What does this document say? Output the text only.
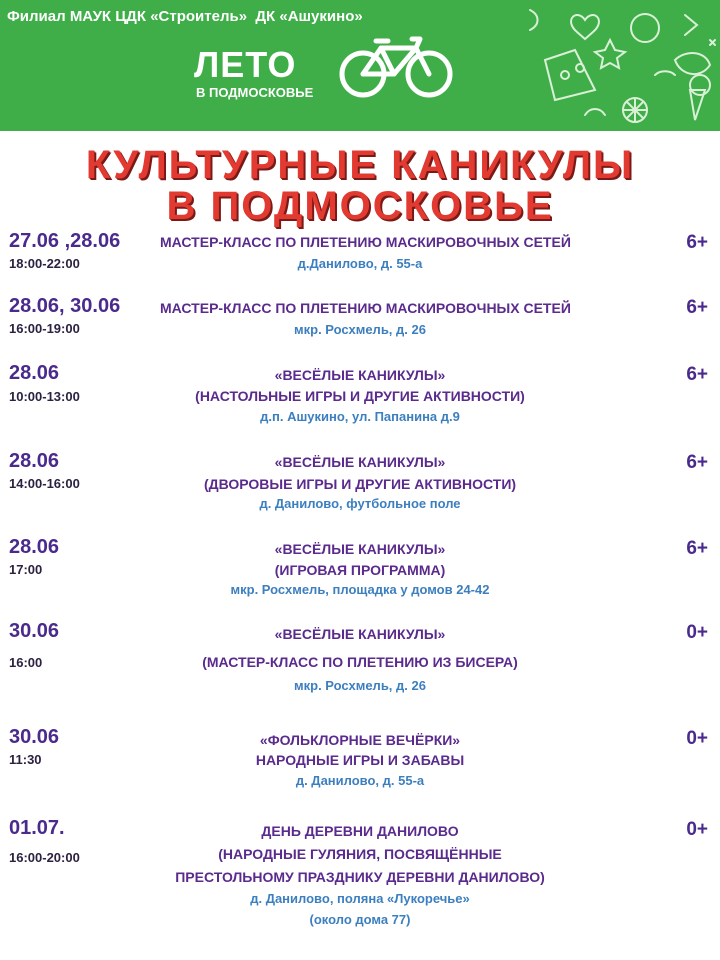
Филиал МАУК ЦДК «Строитель»  ДК «Ашукино»
ЛЕТО
В ПОДМОСКОВЬЕ
КУЛЬТУРНЫЕ КАНИКУЛЫ
В ПОДМОСКОВЬЕ
27.06 ,28.06
18:00-22:00
6+
МАСТЕР-КЛАСС ПО ПЛЕТЕНИЮ МАСКИРОВОЧНЫХ СЕТЕЙ
д.Данилово, д. 55-а
28.06, 30.06
16:00-19:00
6+
МАСТЕР-КЛАСС ПО ПЛЕТЕНИЮ МАСКИРОВОЧНЫХ СЕТЕЙ
мкр. Росхмель, д. 26
28.06
10:00-13:00
6+
«ВЕСЁЛЫЕ КАНИКУЛЫ»
(НАСТОЛЬНЫЕ ИГРЫ И ДРУГИЕ АКТИВНОСТИ)
д.п. Ашукино, ул. Папанина д.9
28.06
14:00-16:00
6+
«ВЕСЁЛЫЕ КАНИКУЛЫ»
(ДВОРОВЫЕ ИГРЫ И ДРУГИЕ АКТИВНОСТИ)
д. Данилово, футбольное поле
28.06
17:00
6+
«ВЕСЁЛЫЕ КАНИКУЛЫ»
(ИГРОВАЯ ПРОГРАММА)
мкр. Росхмель, площадка у домов 24-42
30.06
16:00
0+
«ВЕСЁЛЫЕ КАНИКУЛЫ»
(МАСТЕР-КЛАСС ПО ПЛЕТЕНИЮ ИЗ БИСЕРА)
мкр. Росхмель, д. 26
30.06
11:30
0+
«ФОЛЬКЛОРНЫЕ ВЕЧЁРКИ»
НАРОДНЫЕ ИГРЫ И ЗАБАВЫ
д. Данилово, д. 55-а
01.07.
16:00-20:00
0+
ДЕНЬ ДЕРЕВНИ ДАНИЛОВО
(НАРОДНЫЕ ГУЛЯНИЯ, ПОСВЯЩЁННЫЕ
ПРЕСТОЛЬНОМУ ПРАЗДНИКУ ДЕРЕВНИ ДАНИЛОВО)
д. Данилово, поляна «Лукоречье»
(около дома 77)
